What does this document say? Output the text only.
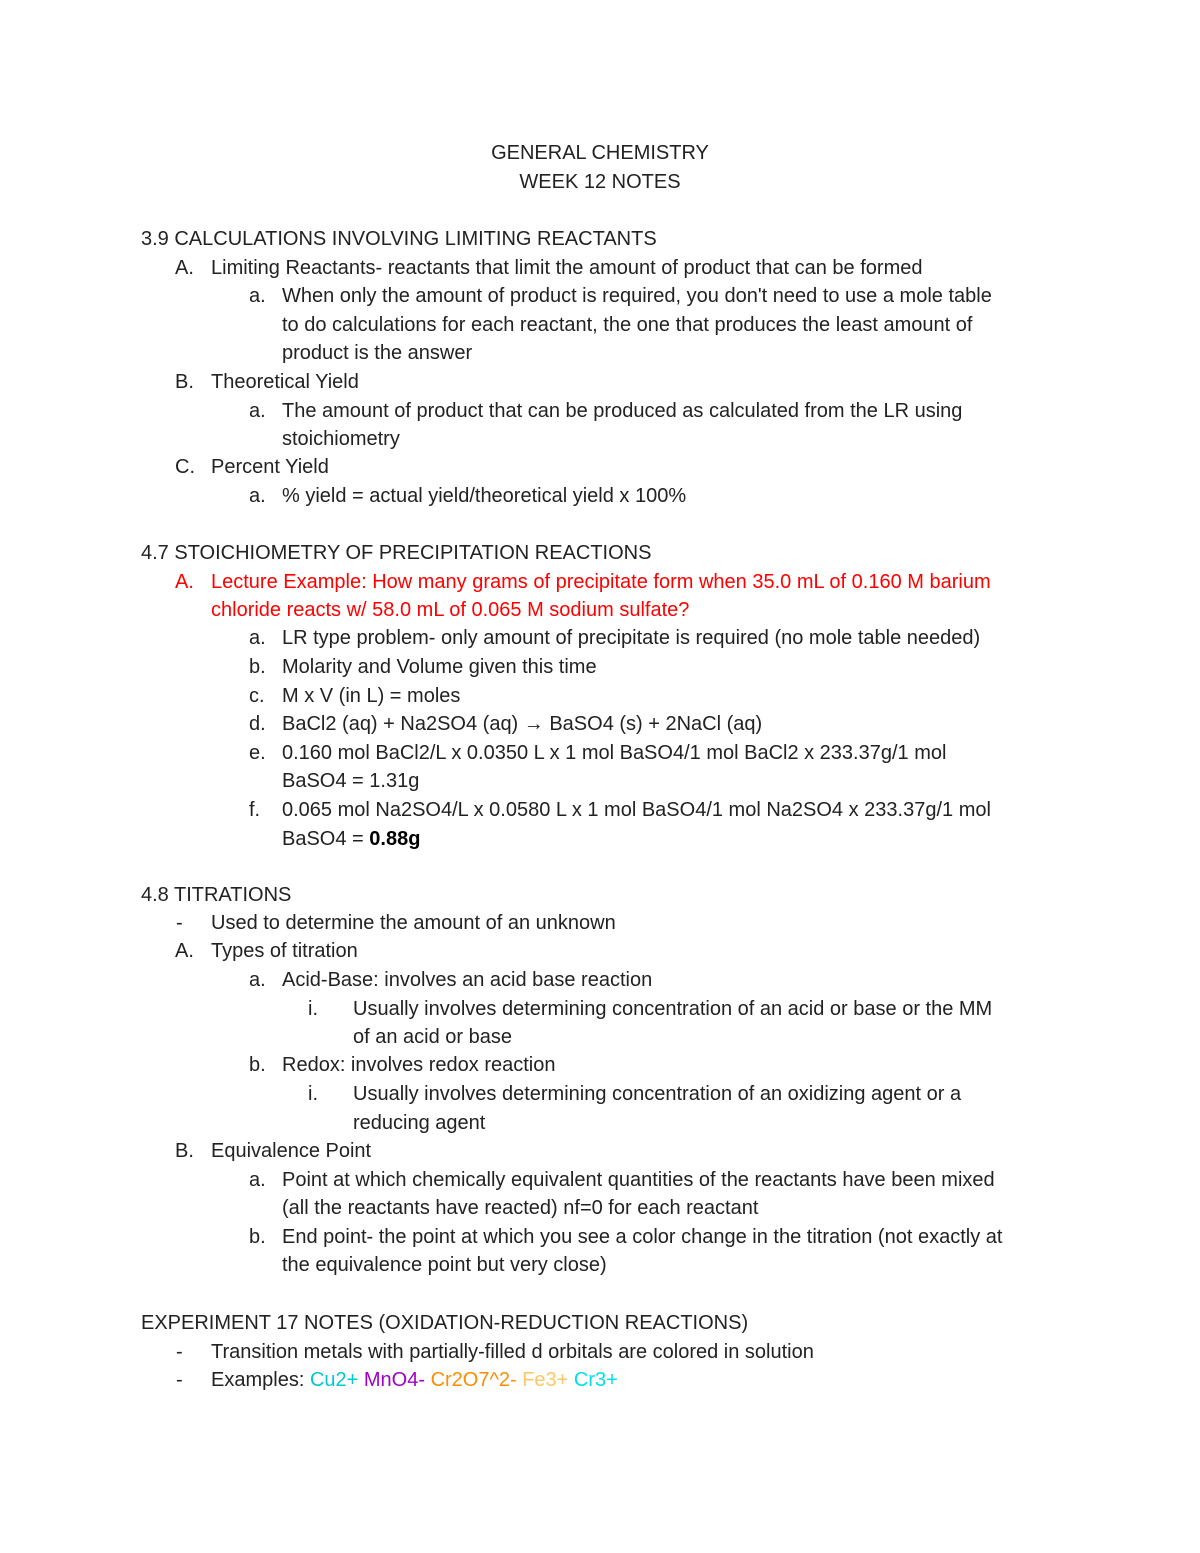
GENERAL CHEMISTRY
WEEK 12 NOTES
3.9 CALCULATIONS INVOLVING LIMITING REACTANTS
A. Limiting Reactants- reactants that limit the amount of product that can be formed
a. When only the amount of product is required, you don't need to use a mole table
to do calculations for each reactant, the one that produces the least amount of
product is the answer
B. Theoretical Yield
a. The amount of product that can be produced as calculated from the LR using
stoichiometry
C. Percent Yield
a. % yield = actual yield/theoretical yield x 100%
4.7 STOICHIOMETRY OF PRECIPITATION REACTIONS
A. Lecture Example: How many grams of precipitate form when 35.0 mL of 0.160 M barium
chloride reacts w/ 58.0 mL of 0.065 M sodium sulfate?
a. LR type problem- only amount of precipitate is required (no mole table needed)
b. Molarity and Volume given this time
c. M x V (in L) = moles
d. BaCl2 (aq) + Na2SO4 (aq) → BaSO4 (s) + 2NaCl (aq)
e. 0.160 mol BaCl2/L x 0.0350 L x 1 mol BaSO4/1 mol BaCl2 x 233.37g/1 mol
BaSO4 = 1.31g
f. 0.065 mol Na2SO4/L x 0.0580 L x 1 mol BaSO4/1 mol Na2SO4 x 233.37g/1 mol
BaSO4 = 0.88g
4.8 TITRATIONS
- Used to determine the amount of an unknown
A. Types of titration
a. Acid-Base: involves an acid base reaction
i. Usually involves determining concentration of an acid or base or the MM
of an acid or base
b. Redox: involves redox reaction
i. Usually involves determining concentration of an oxidizing agent or a
reducing agent
B. Equivalence Point
a. Point at which chemically equivalent quantities of the reactants have been mixed
(all the reactants have reacted) nf=0 for each reactant
b. End point- the point at which you see a color change in the titration (not exactly at
the equivalence point but very close)
EXPERIMENT 17 NOTES (OXIDATION-REDUCTION REACTIONS)
- Transition metals with partially-filled d orbitals are colored in solution
- Examples: Cu2+ MnO4- Cr2O7^2- Fe3+ Cr3+
